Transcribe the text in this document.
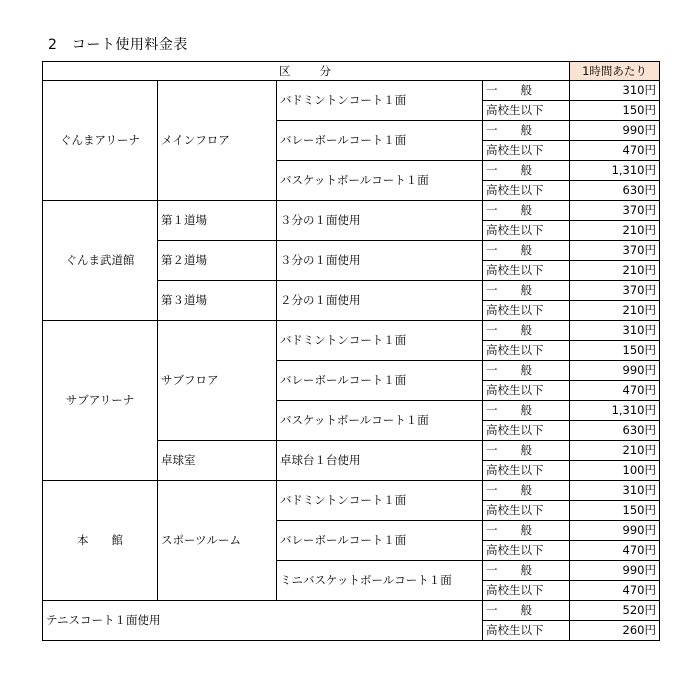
2　コート使用料金表
区　　分				1時間あたり
ぐんまアリーナ	メインフロア	バドミントンコート１面	一　　般	310円
			高校生以下	150円
		バレーボールコート１面	一　　般	990円
			高校生以下	470円
		バスケットボールコート１面	一　　般	1,310円
			高校生以下	630円
ぐんま武道館	第１道場	３分の１面使用	一　　般	370円
			高校生以下	210円
	第２道場	３分の１面使用	一　　般	370円
			高校生以下	210円
	第３道場	２分の１面使用	一　　般	370円
			高校生以下	210円
サブアリーナ	サブフロア	バドミントンコート１面	一　　般	310円
			高校生以下	150円
		バレーボールコート１面	一　　般	990円
			高校生以下	470円
		バスケットボールコート１面	一　　般	1,310円
			高校生以下	630円
	卓球室	卓球台１台使用	一　　般	210円
			高校生以下	100円
本　　館	スポーツルーム	バドミントンコート１面	一　　般	310円
			高校生以下	150円
		バレーボールコート１面	一　　般	990円
			高校生以下	470円
		ミニバスケットボールコート１面	一　　般	990円
			高校生以下	470円
テニスコート１面使用			一　　般	520円
			高校生以下	260円
